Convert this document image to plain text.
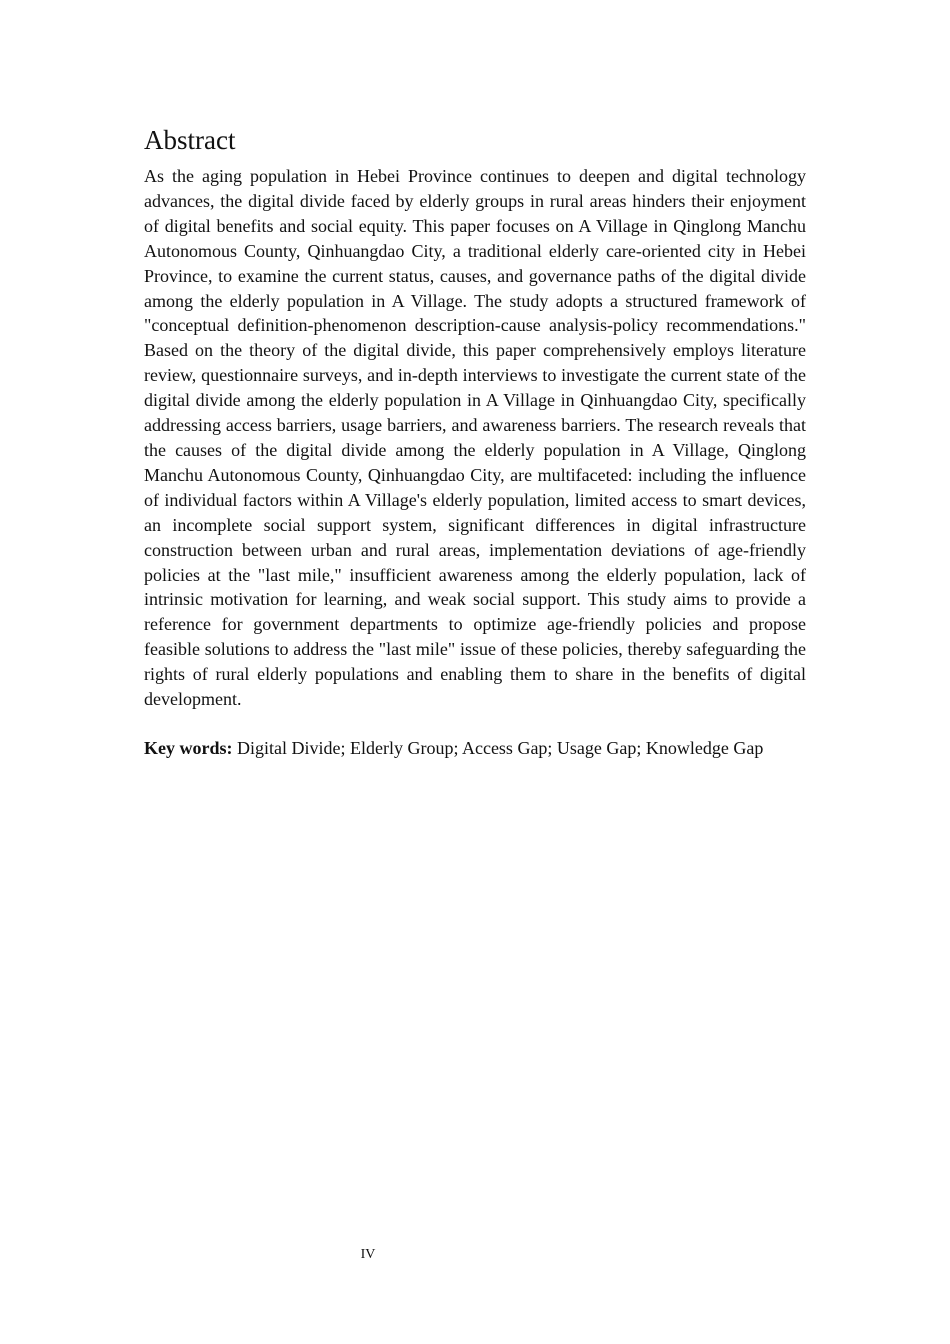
Abstract

As the aging population in Hebei Province continues to deepen and digital technology advances, the digital divide faced by elderly groups in rural areas hinders their enjoyment of digital benefits and social equity. This paper focuses on A Village in Qinglong Manchu Autonomous County, Qinhuangdao City, a traditional elderly care-oriented city in Hebei Province, to examine the current status, causes, and governance paths of the digital divide among the elderly population in A Village. The study adopts a structured framework of "conceptual definition-phenomenon description-cause analysis-policy recommendations." Based on the theory of the digital divide, this paper comprehensively employs literature review, questionnaire surveys, and in-depth interviews to investigate the current state of the digital divide among the elderly population in A Village in Qinhuangdao City, specifically addressing access barriers, usage barriers, and awareness barriers. The research reveals that the causes of the digital divide among the elderly population in A Village, Qinglong Manchu Autonomous County, Qinhuangdao City, are multifaceted: including the influence of individual factors within A Village's elderly population, limited access to smart devices, an incomplete social support system, significant differences in digital infrastructure construction between urban and rural areas, implementation deviations of age-friendly policies at the "last mile," insufficient awareness among the elderly population, lack of intrinsic motivation for learning, and weak social support. This study aims to provide a reference for government departments to optimize age-friendly policies and propose feasible solutions to address the "last mile" issue of these policies, thereby safeguarding the rights of rural elderly populations and enabling them to share in the benefits of digital development.

Key words: Digital Divide; Elderly Group; Access Gap; Usage Gap; Knowledge Gap
IV
